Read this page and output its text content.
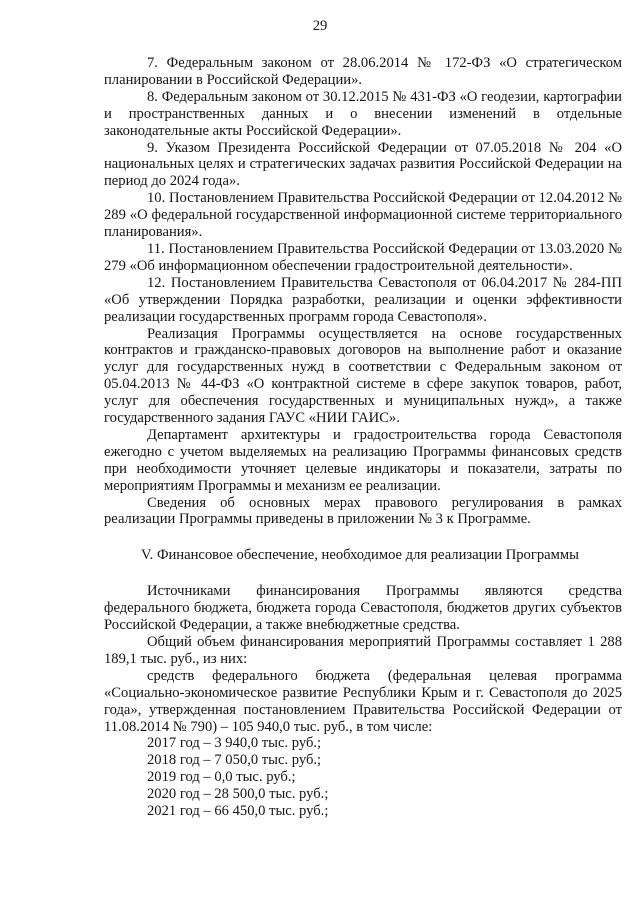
29

7. Федеральным законом от 28.06.2014 № 172-ФЗ «О стратегическом планировании в Российской Федерации».

8. Федеральным законом от 30.12.2015 № 431-ФЗ «О геодезии, картографии и пространственных данных и о внесении изменений в отдельные законодательные акты Российской Федерации».

9. Указом Президента Российской Федерации от 07.05.2018 № 204 «О национальных целях и стратегических задачах развития Российской Федерации на период до 2024 года».

10. Постановлением Правительства Российской Федерации от 12.04.2012 № 289 «О федеральной государственной информационной системе территориального планирования».

11. Постановлением Правительства Российской Федерации от 13.03.2020 № 279 «Об информационном обеспечении градостроительной деятельности».

12. Постановлением Правительства Севастополя от 06.04.2017 № 284-ПП «Об утверждении Порядка разработки, реализации и оценки эффективности реализации государственных программ города Севастополя».

Реализация Программы осуществляется на основе государственных контрактов и гражданско-правовых договоров на выполнение работ и оказание услуг для государственных нужд в соответствии с Федеральным законом от 05.04.2013 № 44-ФЗ «О контрактной системе в сфере закупок товаров, работ, услуг для обеспечения государственных и муниципальных нужд», а также государственного задания ГАУС «НИИ ГАИС».

Департамент архитектуры и градостроительства города Севастополя ежегодно с учетом выделяемых на реализацию Программы финансовых средств при необходимости уточняет целевые индикаторы и показатели, затраты по мероприятиям Программы и механизм ее реализации.

Сведения об основных мерах правового регулирования в рамках реализации Программы приведены в приложении № 3 к Программе.

V. Финансовое обеспечение, необходимое для реализации Программы

Источниками финансирования Программы являются средства федерального бюджета, бюджета города Севастополя, бюджетов других субъектов Российской Федерации, а также внебюджетные средства.

Общий объем финансирования мероприятий Программы составляет 1 288 189,1 тыс. руб., из них:

средств федерального бюджета (федеральная целевая программа «Социально-экономическое развитие Республики Крым и г. Севастополя до 2025 года», утвержденная постановлением Правительства Российской Федерации от 11.08.2014 № 790) – 105 940,0 тыс. руб., в том числе:

2017 год – 3 940,0 тыс. руб.;

2018 год – 7 050,0 тыс. руб.;

2019 год – 0,0 тыс. руб.;

2020 год – 28 500,0 тыс. руб.;

2021 год – 66 450,0 тыс. руб.;
